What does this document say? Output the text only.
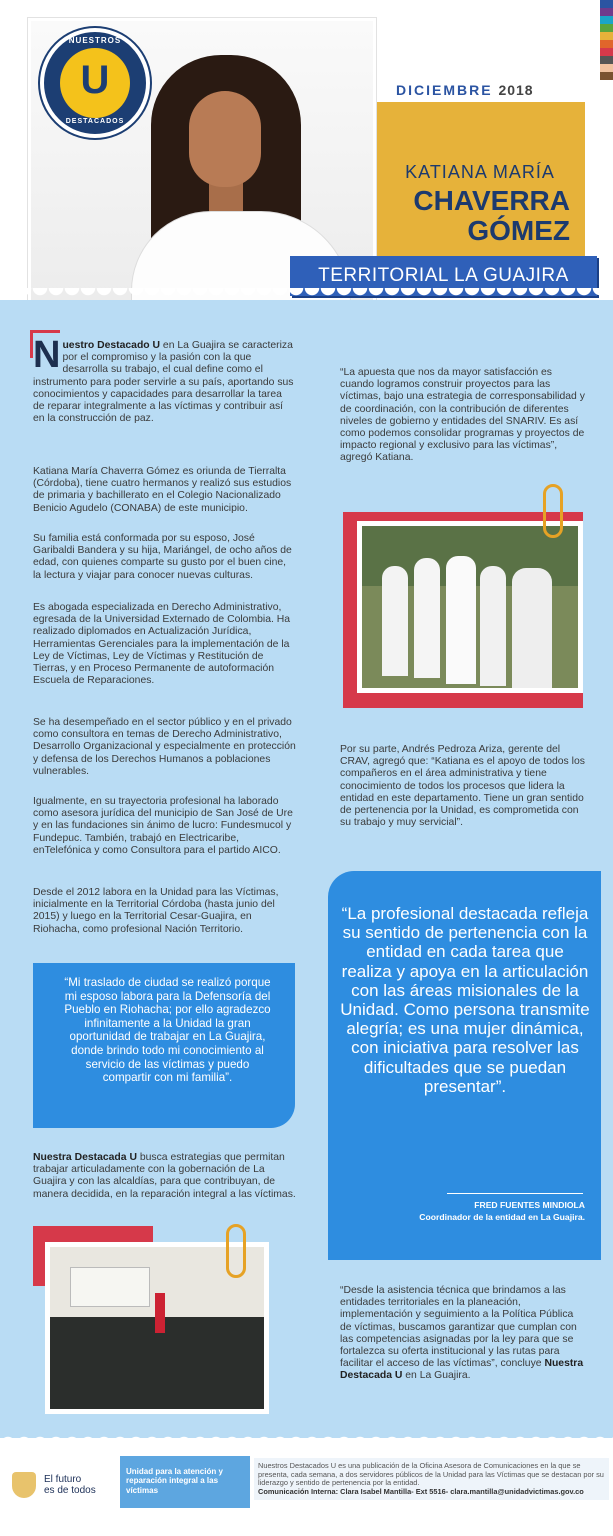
NUESTROS
U
DESTACADOS
DICIEMBRE 2018
KATIANA MARÍA
CHAVERRA
GÓMEZ
TERRITORIAL LA GUAJIRA
Nuestro Destacado U en La Guajira se caracteriza por el compromiso y la pasión con la que desarrolla su trabajo, el cual define como el instrumento para poder servirle a su país, aportando sus conocimientos y capacidades para desarrollar la tarea de reparar integralmente a las víctimas y contribuir así en la construcción de paz.
Katiana María Chaverra Gómez es oriunda de Tierralta (Córdoba), tiene cuatro hermanos y realizó sus estudios de primaria y bachillerato en el Colegio Nacionalizado Benicio Agudelo (CONABA) de este municipio.
Su familia está conformada por su esposo, José Garibaldi Bandera y su hija, Mariángel, de ocho años de edad, con quienes comparte su gusto por el buen cine, la lectura y viajar para conocer nuevas culturas.
Es abogada especializada en Derecho Administrativo, egresada de la Universidad Externado de Colombia. Ha realizado diplomados en Actualización Jurídica, Herramientas Gerenciales para la implementación de la Ley de Víctimas, Ley de Víctimas y Restitución de Tierras, y en Proceso Permanente de autoformación Escuela de Reparaciones.
Se ha desempeñado en el sector público y en el privado como consultora en temas de Derecho Administrativo, Desarrollo Organizacional y especialmente en protección y defensa de los Derechos Humanos a poblaciones vulnerables.
Igualmente, en su trayectoria profesional ha laborado como asesora jurídica del municipio de San José de Ure y en las fundaciones sin ánimo de lucro: Fundesmucol y Fundepuc. También, trabajó en Electricaribe, enTelefónica y como Consultora para el partido AICO.
Desde el 2012 labora en la Unidad para las Víctimas, inicialmente en la Territorial Córdoba (hasta junio del 2015) y luego en la Territorial Cesar-Guajira, en Riohacha, como profesional Nación Territorio.
“Mi traslado de ciudad se realizó porque mi esposo labora para la Defensoría del Pueblo en Riohacha; por ello agradezco infinitamente a la Unidad la gran oportunidad de trabajar en La Guajira, donde brindo todo mi conocimiento al servicio de las víctimas y puedo compartir con mi familia”.
Nuestra Destacada U busca estrategias que permitan trabajar articuladamente con la gobernación de La Guajira y con las alcaldías, para que contribuyan, de manera decidida, en la reparación integral a las víctimas.
“La apuesta que nos da mayor satisfacción es cuando logramos construir proyectos para las víctimas, bajo una estrategia de corresponsabilidad y de coordinación, con la contribución de diferentes niveles de gobierno y entidades del SNARIV. Es así como podemos consolidar programas y proyectos de impacto regional y exclusivo para las víctimas”, agregó Katiana.
Por su parte, Andrés Pedroza Ariza, gerente del CRAV, agregó que: “Katiana es el apoyo de todos los compañeros en el área administrativa y tiene conocimiento de todos los procesos que lidera la entidad en este departamento. Tiene un gran sentido de pertenencia por la Unidad, es comprometida con su trabajo y muy servicial”.
“La profesional destacada refleja su sentido de pertenencia con la entidad en cada tarea que realiza y apoya en la articulación con las áreas misionales de la Unidad. Como persona transmite alegría; es una mujer dinámica, con iniciativa para resolver las dificultades que se puedan presentar”.
FRED FUENTES MINDIOLA
Coordinador de la entidad en La Guajira.
“Desde la asistencia técnica que brindamos a las entidades territoriales en la planeación, implementación y seguimiento a la Política Pública de víctimas, buscamos garantizar que cumplan con las competencias asignadas por la ley para que se fortalezca su oferta institucional y las rutas para facilitar el acceso de las víctimas”, concluye Nuestra Destacada U en La Guajira.
El futuro
es de todos
Unidad para la atención y reparación integral a las víctimas
Nuestros Destacados U es una publicación de la Oficina Asesora de Comunicaciones en la que se presenta, cada semana, a dos servidores públicos de la Unidad para las Víctimas que se destacan por su liderazgo y sentido de pertenencia por la entidad.
Comunicación Interna: Clara Isabel Mantilla- Ext 5516- clara.mantilla@unidadvictimas.gov.co
